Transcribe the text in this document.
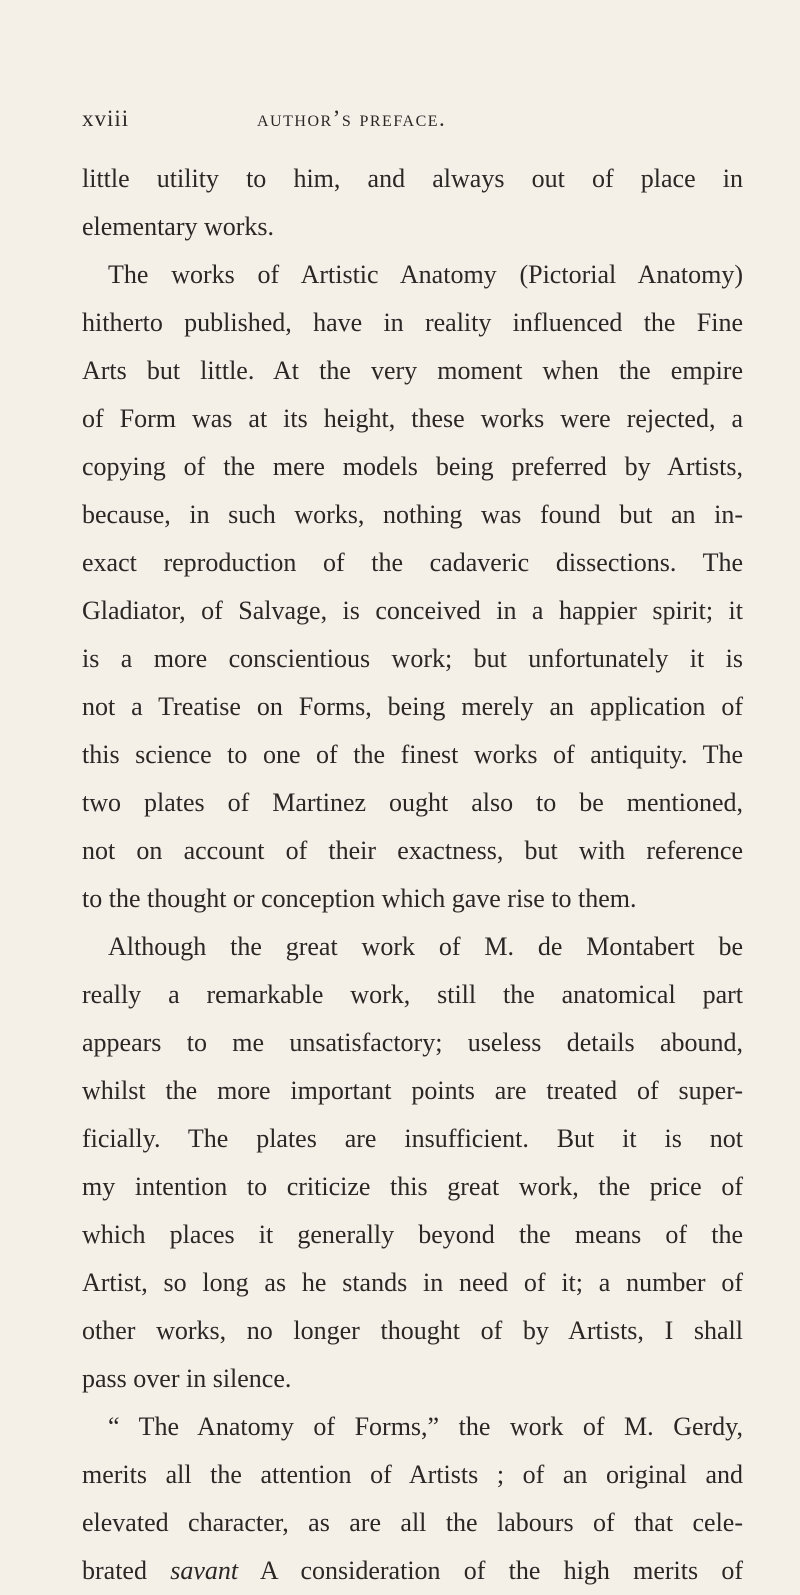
xviii	author’s preface.
little utility to him, and always out of place in
elementary works.
The works of Artistic Anatomy (Pictorial Anatomy)
hitherto published, have in reality influenced the Fine
Arts but little. At the very moment when the empire
of Form was at its height, these works were rejected, a
copying of the mere models being preferred by Artists,
because, in such works, nothing was found but an in-
exact reproduction of the cadaveric dissections. The
Gladiator, of Salvage, is conceived in a happier spirit; it
is a more conscientious work; but unfortunately it is
not a Treatise on Forms, being merely an application of
this science to one of the finest works of antiquity. The
two plates of Martinez ought also to be mentioned,
not on account of their exactness, but with reference
to the thought or conception which gave rise to them.
Although the great work of M. de Montabert be
really a remarkable work, still the anatomical part
appears to me unsatisfactory; useless details abound,
whilst the more important points are treated of super-
ficially. The plates are insufficient. But it is not
my intention to criticize this great work, the price of
which places it generally beyond the means of the
Artist, so long as he stands in need of it; a number of
other works, no longer thought of by Artists, I shall
pass over in silence.
“ The Anatomy of Forms,” the work of M. Gerdy,
merits all the attention of Artists ; of an original and
elevated character, as are all the labours of that cele-
brated savant A consideration of the high merits of
